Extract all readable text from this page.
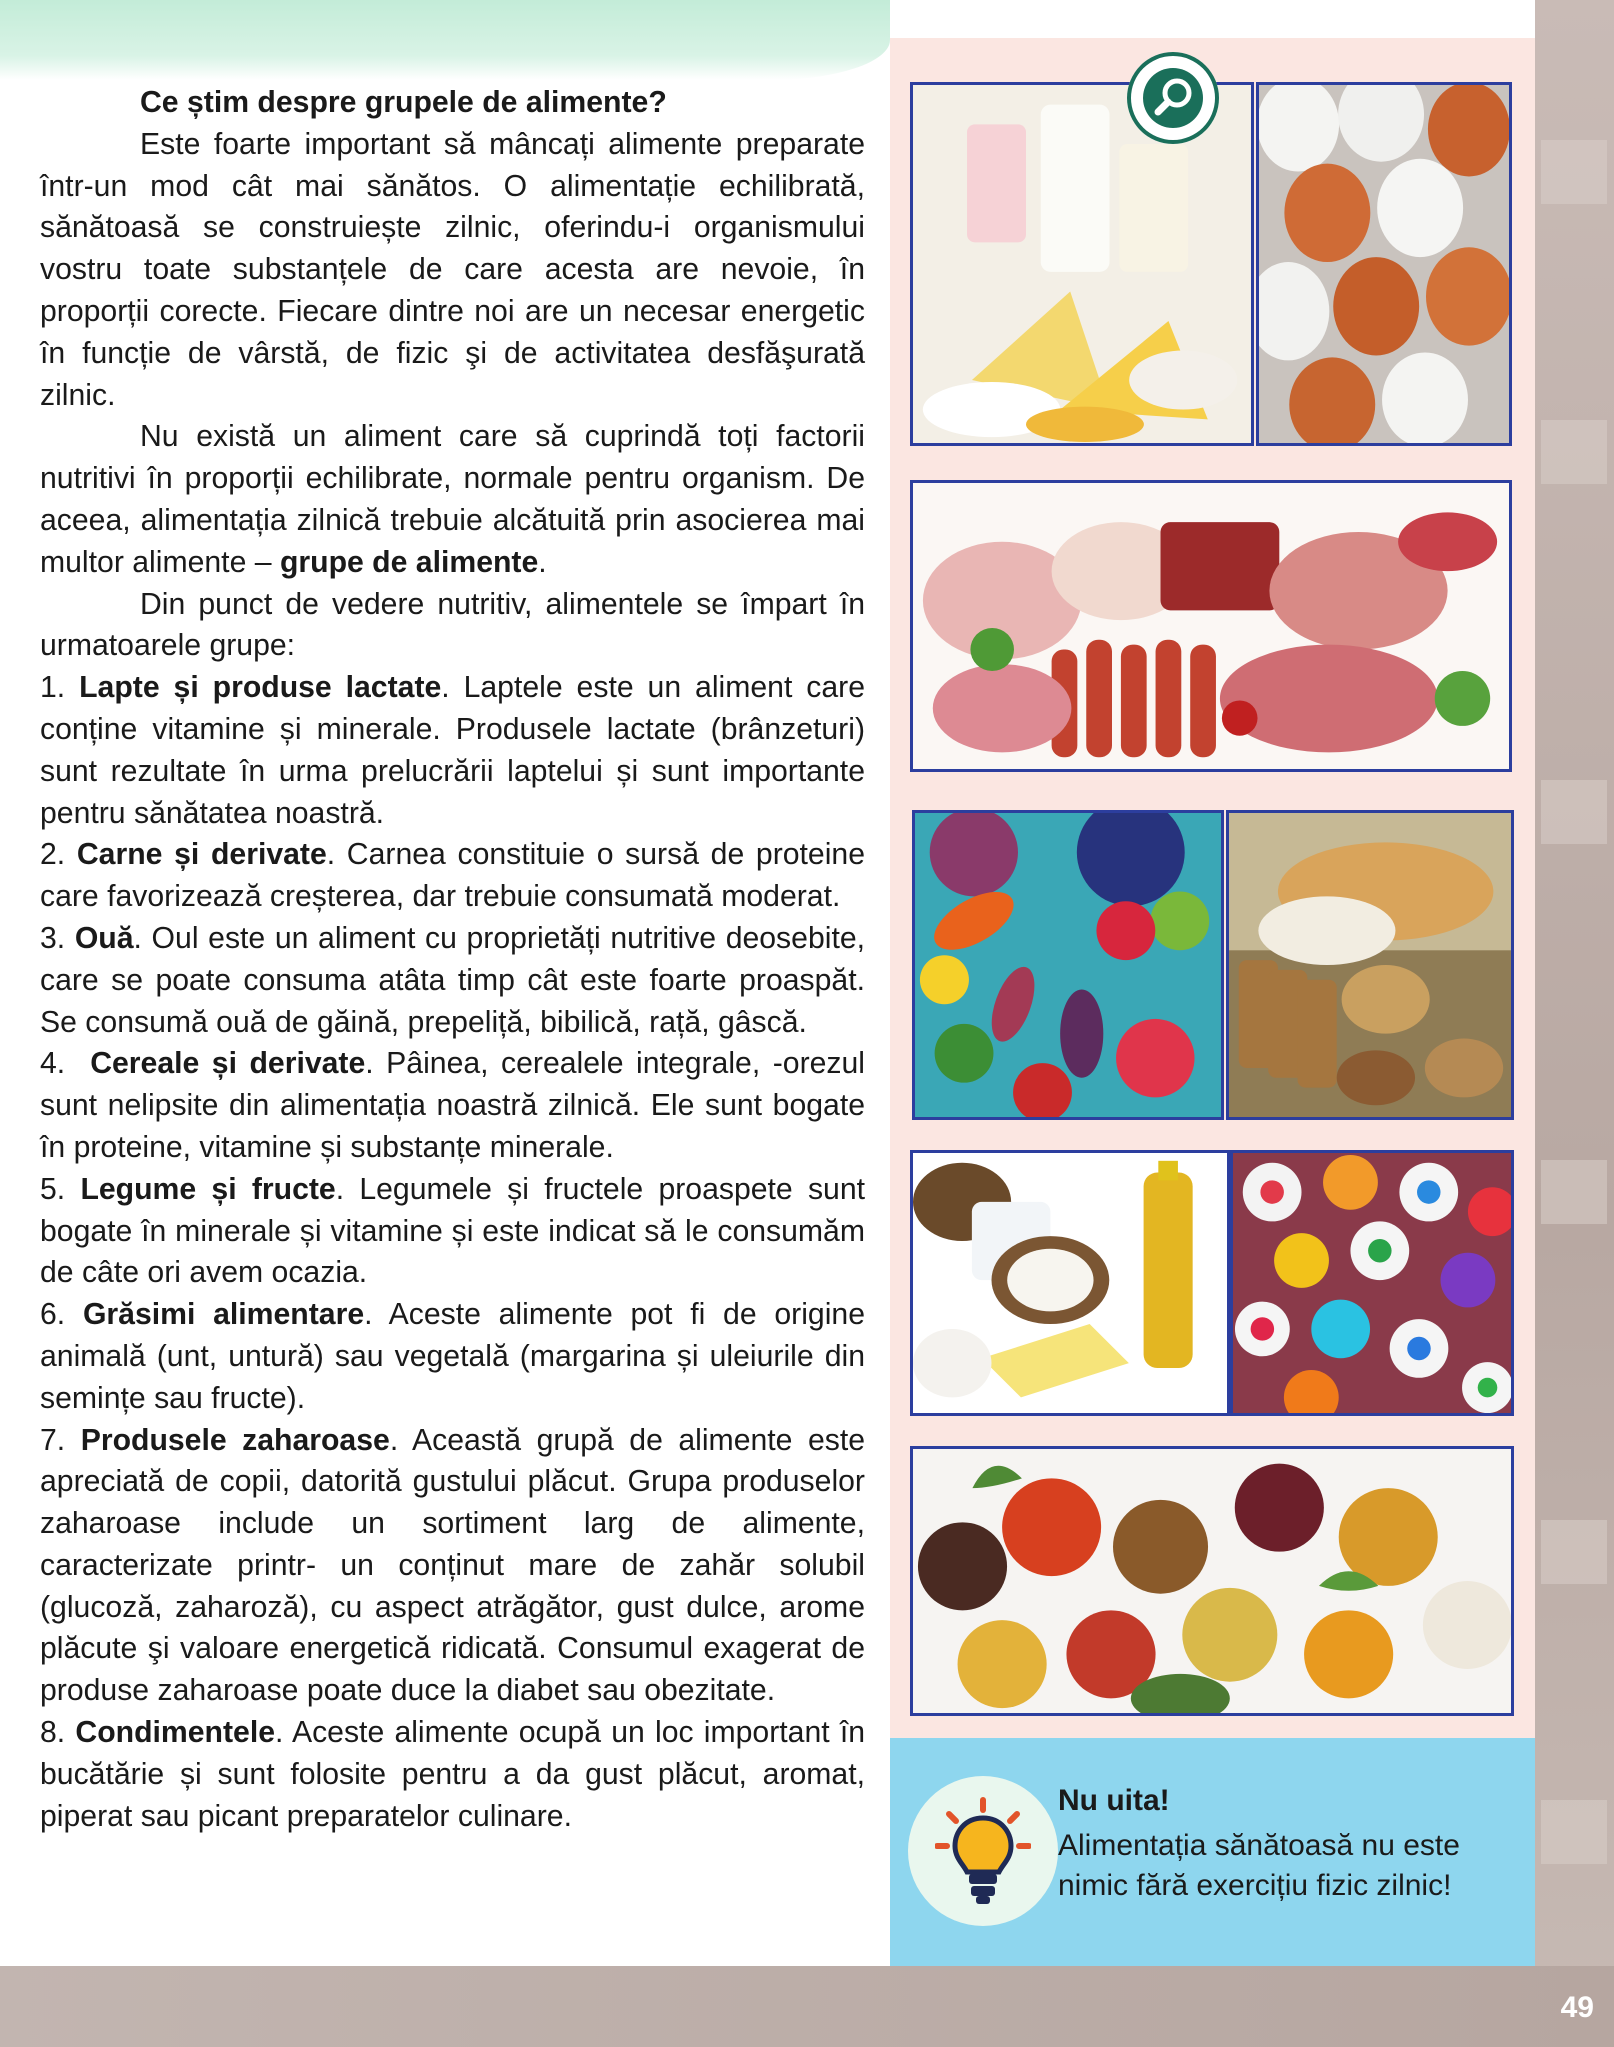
Nu uita!
Alimentația sănătoasă nu este nimic fără exercițiu fizic zilnic!

Ce știm despre grupele de alimente?

Este foarte important să mâncați alimente preparate într-un mod cât mai sănătos. O alimentație echilibrată, sănătoasă se construiește zilnic, oferindu-i organismului vostru toate substanțele de care acesta are nevoie, în proporții corecte. Fiecare dintre noi are un necesar energetic în funcție de vârstă, de fizic şi de activitatea desfăşurată zilnic.

Nu există un aliment care să cuprindă toți factorii nutritivi în proporții echilibrate, normale pentru organism. De aceea, alimentația zilnică trebuie alcătuită prin asocierea mai multor alimente – grupe de alimente.

Din punct de vedere nutritiv, alimentele se împart în urmatoarele grupe:

1. Lapte și produse lactate. Laptele este un aliment care conține vitamine și minerale. Produsele lactate (brânzeturi) sunt rezultate în urma prelucrării laptelui și sunt importante pentru sănătatea noastră.

2. Carne și derivate. Carnea constituie o sursă de proteine care favorizează creșterea, dar trebuie consumată moderat.

3. Ouă. Oul este un aliment cu proprietăți nutritive deosebite, care se poate consuma atâta timp cât este foarte proaspăt. Se consumă ouă de găină, prepeliță, bibilică, rață, gâscă.

4. Cereale și derivate. Pâinea, cerealele integrale, -orezul sunt nelipsite din alimentația noastră zilnică. Ele sunt bogate în proteine, vitamine și substanțe minerale.

5. Legume și fructe. Legumele și fructele proaspete sunt bogate în minerale și vitamine și este indicat să le consumăm de câte ori avem ocazia.

6. Grăsimi alimentare. Aceste alimente pot fi de origine animală (unt, untură) sau vegetală (margarina și uleiurile din semințe sau fructe).

7. Produsele zaharoase. Această grupă de alimente este apreciată de copii, datorită gustului plăcut. Grupa produselor zaharoase include un sortiment larg de alimente, caracterizate printr- un conținut mare de zahăr solubil (glucoză, zaharoză), cu aspect atrăgător, gust dulce, arome plăcute şi valoare energetică ridicată. Consumul exagerat de produse zaharoase poate duce la diabet sau obezitate.

8. Condimentele. Aceste alimente ocupă un loc important în bucătărie și sunt folosite pentru a da gust plăcut, aromat, piperat sau picant preparatelor culinare.

49
